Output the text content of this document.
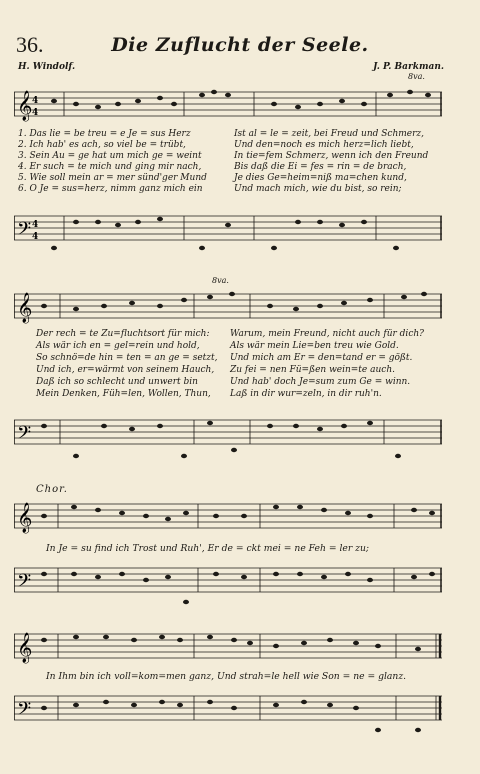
36.	Die Zuflucht der Seele.
H. Windolf.	J. P. Barkman.
𝄞 4
4
8va.
1. Das lie = be treu = e Je = sus Herz
2. Ich hab' es ach, so viel be = trübt,
3. Sein Au = ge hat um mich ge = weint
4. Er such = te mich und ging mir nach,
5. Wie soll mein ar = mer sünd'ger Mund
6. O Je = sus=herz, nimm ganz mich ein
Ist al = le = zeit, bei Freud und Schmerz,
Und den=noch es mich herz=lich liebt,
In tie=fem Schmerz, wenn ich den Freund
Bis daß die Ei = fes = rin = de brach,
Je dies Ge=heim=niß ma=chen kund,
Und mach mich, wie du bist, so rein;
𝄢 4
4
𝄞
8va.
Der rech = te Zu=fluchtsort für mich:
Als wär ich en = gel=rein und hold,
So schnö=de hin = ten = an ge = setzt,
Und ich, er=wärmt von seinem Hauch,
Daß ich so schlecht und unwert bin
Mein Denken, Füh=len, Wollen, Thun,
Warum, mein Freund, nicht auch für dich?
Als wär mein Lie=ben treu wie Gold.
Und mich am Er = den=tand er = gößt.
Zu fei = nen Fü=ßen wein=te auch.
Und hab' doch Je=sum zum Ge = winn.
Laß in dir wur=zeln, in dir ruh'n.
𝄢
Chor.
𝄞
In Je = su find ich Trost und Ruh', Er de = ckt mei = ne Feh = ler zu;
𝄢
𝄞
In Ihm bin ich voll=kom=men ganz, Und strah=le hell wie Son = ne = glanz.
𝄢
